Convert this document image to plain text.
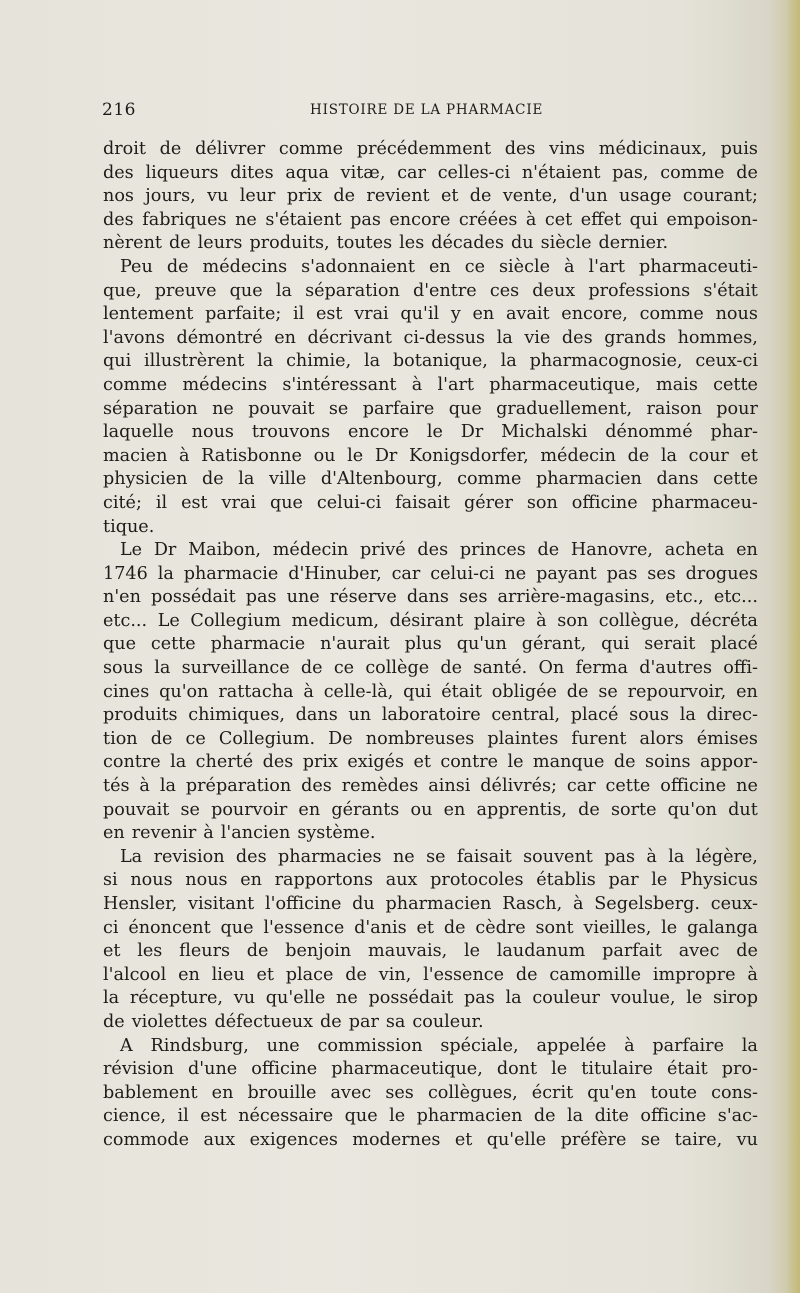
216	HISTOIRE DE LA PHARMACIE
droit de délivrer comme précédemment des vins médicinaux, puis
des liqueurs dites aqua vitæ, car celles-ci n'étaient pas, comme de
nos jours, vu leur prix de revient et de vente, d'un usage courant;
des fabriques ne s'étaient pas encore créées à cet effet qui empoison-
nèrent de leurs produits, toutes les décades du siècle dernier.
Peu de médecins s'adonnaient en ce siècle à l'art pharmaceuti-
que, preuve que la séparation d'entre ces deux professions s'était
lentement parfaite; il est vrai qu'il y en avait encore, comme nous
l'avons démontré en décrivant ci-dessus la vie des grands hommes,
qui illustrèrent la chimie, la botanique, la pharmacognosie, ceux-ci
comme médecins s'intéressant à l'art pharmaceutique, mais cette
séparation ne pouvait se parfaire que graduellement, raison pour
laquelle nous trouvons encore le Dr Michalski dénommé phar-
macien à Ratisbonne ou le Dr Konigsdorfer, médecin de la cour et
physicien de la ville d'Altenbourg, comme pharmacien dans cette
cité; il est vrai que celui-ci faisait gérer son officine pharmaceu-
tique.
Le Dr Maibon, médecin privé des princes de Hanovre, acheta en
1746 la pharmacie d'Hinuber, car celui-ci ne payant pas ses drogues
n'en possédait pas une réserve dans ses arrière-magasins, etc., etc...
etc... Le Collegium medicum, désirant plaire à son collègue, décréta
que cette pharmacie n'aurait plus qu'un gérant, qui serait placé
sous la surveillance de ce collège de santé. On ferma d'autres offi-
cines qu'on rattacha à celle-là, qui était obligée de se repourvoir, en
produits chimiques, dans un laboratoire central, placé sous la direc-
tion de ce Collegium. De nombreuses plaintes furent alors émises
contre la cherté des prix exigés et contre le manque de soins appor-
tés à la préparation des remèdes ainsi délivrés; car cette officine ne
pouvait se pourvoir en gérants ou en apprentis, de sorte qu'on dut
en revenir à l'ancien système.
La revision des pharmacies ne se faisait souvent pas à la légère,
si nous nous en rapportons aux protocoles établis par le Physicus
Hensler, visitant l'officine du pharmacien Rasch, à Segelsberg. ceux-
ci énoncent que l'essence d'anis et de cèdre sont vieilles, le galanga
et les fleurs de benjoin mauvais, le laudanum parfait avec de
l'alcool en lieu et place de vin, l'essence de camomille impropre à
la récepture, vu qu'elle ne possédait pas la couleur voulue, le sirop
de violettes défectueux de par sa couleur.
A Rindsburg, une commission spéciale, appelée à parfaire la
révision d'une officine pharmaceutique, dont le titulaire était pro-
bablement en brouille avec ses collègues, écrit qu'en toute cons-
cience, il est nécessaire que le pharmacien de la dite officine s'ac-
commode aux exigences modernes et qu'elle préfère se taire, vu
